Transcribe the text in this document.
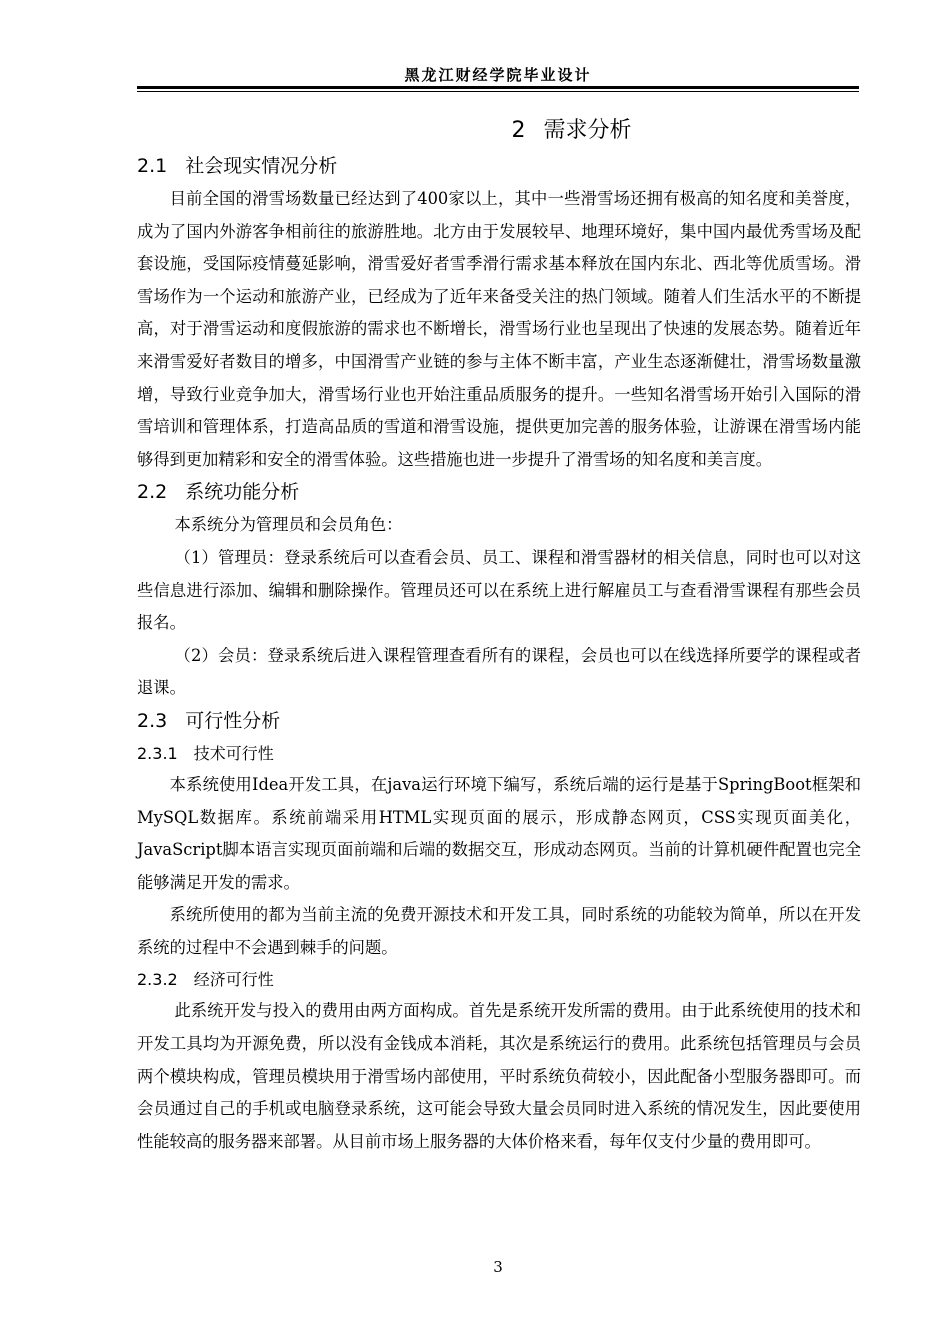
黑龙江财经学院毕业设计
2 需求分析
2.1 社会现实情况分析

目前全国的滑雪场数量已经达到了400家以上，其中一些滑雪场还拥有极高的知名度和美誉度，成为了国内外游客争相前往的旅游胜地。北方由于发展较早、地理环境好，集中国内最优秀雪场及配套设施，受国际疫情蔓延影响，滑雪爱好者雪季滑行需求基本释放在国内东北、西北等优质雪场。滑雪场作为一个运动和旅游产业，已经成为了近年来备受关注的热门领域。随着人们生活水平的不断提高，对于滑雪运动和度假旅游的需求也不断增长，滑雪场行业也呈现出了快速的发展态势。随着近年来滑雪爱好者数目的增多，中国滑雪产业链的参与主体不断丰富，产业生态逐渐健壮，滑雪场数量激增，导致行业竞争加大，滑雪场行业也开始注重品质服务的提升。一些知名滑雪场开始引入国际的滑雪培训和管理体系，打造高品质的雪道和滑雪设施，提供更加完善的服务体验，让游课在滑雪场内能够得到更加精彩和安全的滑雪体验。这些措施也进一步提升了滑雪场的知名度和美言度。

2.2 系统功能分析

本系统分为管理员和会员角色：

（1）管理员：登录系统后可以查看会员、员工、课程和滑雪器材的相关信息，同时也可以对这些信息进行添加、编辑和删除操作。管理员还可以在系统上进行解雇员工与查看滑雪课程有那些会员报名。

（2）会员：登录系统后进入课程管理查看所有的课程，会员也可以在线选择所要学的课程或者退课。

2.3 可行性分析
2.3.1 技术可行性

本系统使用Idea开发工具，在java运行环境下编写，系统后端的运行是基于SpringBoot框架和MySQL数据库。系统前端采用HTML实现页面的展示，形成静态网页，CSS实现页面美化，JavaScript脚本语言实现页面前端和后端的数据交互，形成动态网页。当前的计算机硬件配置也完全能够满足开发的需求。

系统所使用的都为当前主流的免费开源技术和开发工具，同时系统的功能较为简单，所以在开发系统的过程中不会遇到棘手的问题。

2.3.2 经济可行性

此系统开发与投入的费用由两方面构成。首先是系统开发所需的费用。由于此系统使用的技术和开发工具均为开源免费，所以没有金钱成本消耗，其次是系统运行的费用。此系统包括管理员与会员两个模块构成，管理员模块用于滑雪场内部使用，平时系统负荷较小，因此配备小型服务器即可。而会员通过自己的手机或电脑登录系统，这可能会导致大量会员同时进入系统的情况发生，因此要使用性能较高的服务器来部署。从目前市场上服务器的大体价格来看，每年仅支付少量的费用即可。

3
